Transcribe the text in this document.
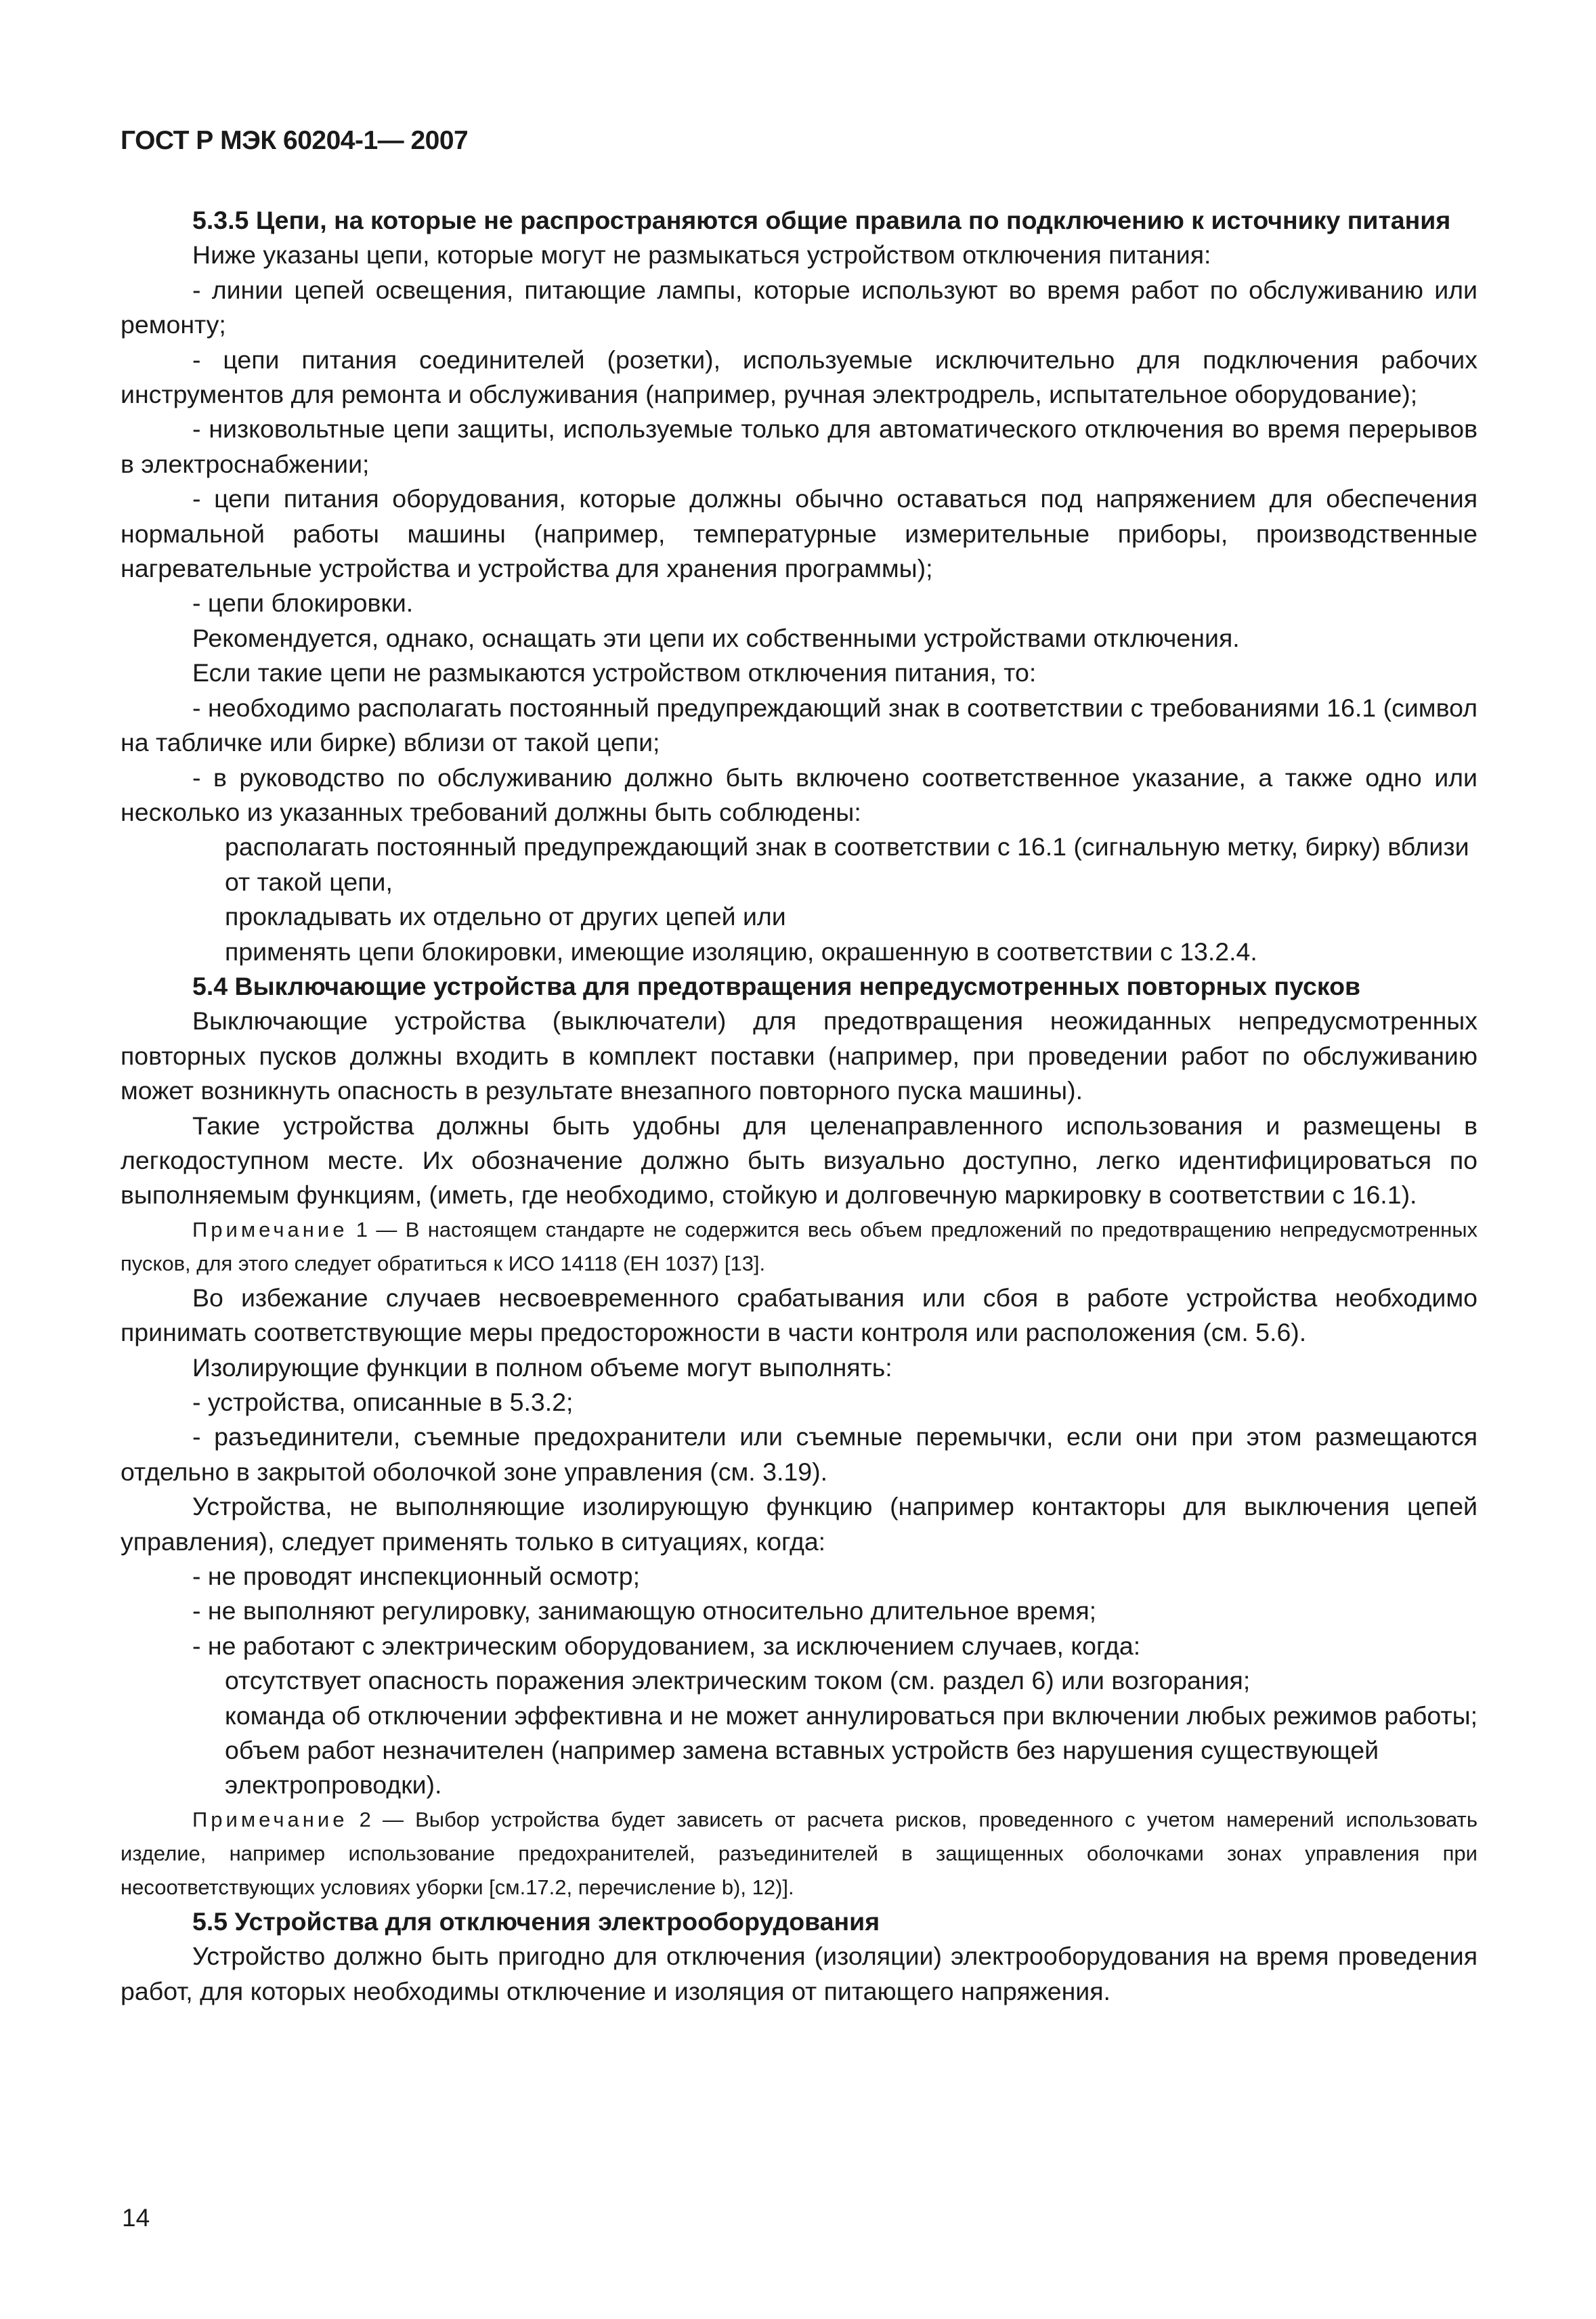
ГОСТ Р МЭК 60204-1— 2007

5.3.5 Цепи, на которые не распространяются общие правила по подключению к источнику питания

Ниже указаны цепи, которые могут не размыкаться устройством отключения питания:

- линии цепей освещения, питающие лампы, которые используют во время работ по обслуживанию или ремонту;

- цепи питания соединителей (розетки), используемые исключительно для подключения рабочих инструментов для ремонта и обслуживания (например, ручная электродрель, испытательное оборудование);

- низковольтные цепи защиты, используемые только для автоматического отключения во время перерывов в электроснабжении;

- цепи питания оборудования, которые должны обычно оставаться под напряжением для обеспечения нормальной работы машины (например, температурные измерительные приборы, производственные нагревательные устройства и устройства для хранения программы);

- цепи блокировки.

Рекомендуется, однако, оснащать эти цепи их собственными устройствами отключения.

Если такие цепи не размыкаются устройством отключения питания, то:

- необходимо располагать постоянный предупреждающий знак в соответствии с требованиями 16.1 (символ на табличке или бирке) вблизи от такой цепи;

- в руководство по обслуживанию должно быть включено соответственное указание, а также одно или несколько из указанных требований должны быть соблюдены:

располагать постоянный предупреждающий знак в соответствии с 16.1 (сигнальную метку, бирку) вблизи от такой цепи,

прокладывать их отдельно от других цепей или

применять цепи блокировки, имеющие изоляцию, окрашенную в соответствии с 13.2.4.

5.4 Выключающие устройства для предотвращения непредусмотренных повторных пусков

Выключающие устройства (выключатели) для предотвращения неожиданных непредусмотренных повторных пусков должны входить в комплект поставки (например, при проведении работ по обслуживанию может возникнуть опасность в результате внезапного повторного пуска машины).

Такие устройства должны быть удобны для целенаправленного использования и размещены в легкодоступном месте. Их обозначение должно быть визуально доступно, легко идентифицироваться по выполняемым функциям, (иметь, где необходимо, стойкую и долговечную маркировку в соответствии с 16.1).

Примечание 1 — В настоящем стандарте не содержится весь объем предложений по предотвращению непредусмотренных пусков, для этого следует обратиться к ИСО 14118 (ЕН 1037) [13].

Во избежание случаев несвоевременного срабатывания или сбоя в работе устройства необходимо принимать соответствующие меры предосторожности в части контроля или расположения (см. 5.6).

Изолирующие функции в полном объеме могут выполнять:

- устройства, описанные в 5.3.2;

- разъединители, съемные предохранители или съемные перемычки, если они при этом размещаются отдельно в закрытой оболочкой зоне управления (см. 3.19).

Устройства, не выполняющие изолирующую функцию (например контакторы для выключения цепей управления), следует применять только в ситуациях, когда:

- не проводят инспекционный осмотр;

- не выполняют регулировку, занимающую относительно длительное время;

- не работают с электрическим оборудованием, за исключением случаев, когда:

отсутствует опасность поражения электрическим током (см. раздел 6) или возгорания;

команда об отключении эффективна и не может аннулироваться при включении любых режимов работы;

объем работ незначителен (например замена вставных устройств без нарушения существующей электропроводки).

Примечание 2 — Выбор устройства будет зависеть от расчета рисков, проведенного с учетом намерений использовать изделие, например использование предохранителей, разъединителей в защищенных оболочками зонах управления при несоответствующих условиях уборки [см.17.2, перечисление b), 12)].

5.5 Устройства для отключения электрооборудования

Устройство должно быть пригодно для отключения (изоляции) электрооборудования на время проведения работ, для которых необходимы отключение и изоляция от питающего напряжения.

14
